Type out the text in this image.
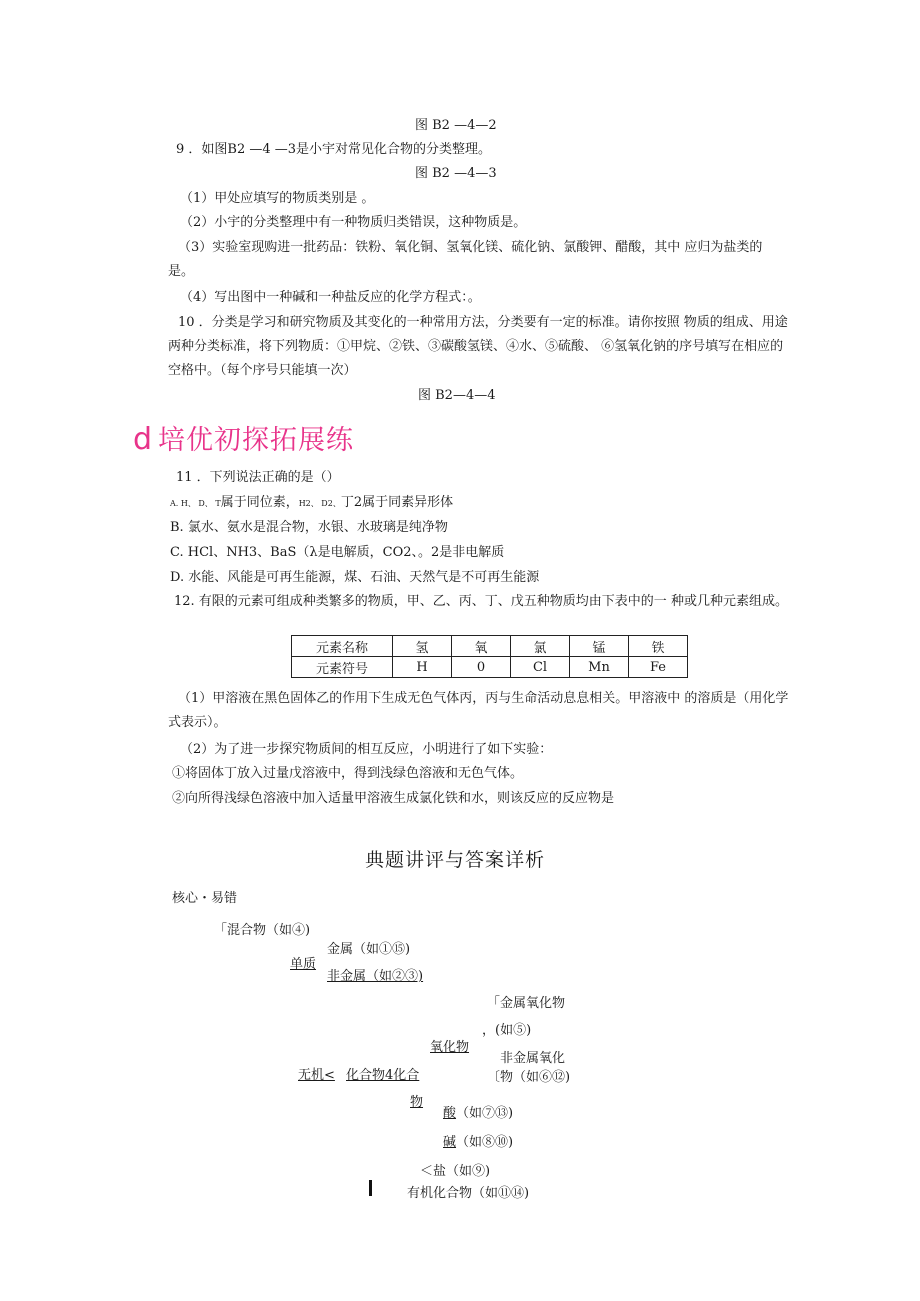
图 B2 —4—2
9 ．如图B2 —4 —3是小宇对常见化合物的分类整理。
图 B2 —4—3
（1）甲处应填写的物质类别是 。
（2）小宇的分类整理中有一种物质归类错误，这种物质是。
（3）实验室现购进一批药品：铁粉、氧化铜、氢氧化镁、硫化钠、氯酸钾、醋酸，其中 应归为盐类的是。
（4）写出图中一种碱和一种盐反应的化学方程式：。
10 ．分类是学习和研究物质及其变化的一种常用方法，分类要有一定的标准。请你按照 物质的组成、用途两种分类标准，将下列物质：①甲烷、②铁、③碳酸氢镁、④水、⑤硫酸、 ⑥氢氧化钠的序号填写在相应的空格中。（每个序号只能填一次）
图 B2—4—4
d 培优初探拓展练
11 ．下列说法正确的是（）
A. H、 D、 T属于同位素，H2、 D2、丁2属于同素异形体
B. 氯水、氨水是混合物，水银、水玻璃是纯净物
C. HCl、NH3、BaS（λ是电解质，CO2、。2是非电解质
D. 水能、风能是可再生能源，煤、石油、天然气是不可再生能源
12. 有限的元素可组成种类繁多的物质，甲、乙、丙、丁、戊五种物质均由下表中的一 种或几种元素组成。
元素名称	氢	氧	氯	锰	铁
元素符号	H	0	Cl	Mn	Fe
（1）甲溶液在黑色固体乙的作用下生成无色气体丙，丙与生命活动息息相关。甲溶液中 的溶质是（用化学式表示）。
（2）为了进一步探究物质间的相互反应，小明进行了如下实验：
①将固体丁放入过量戊溶液中，得到浅绿色溶液和无色气体。
②向所得浅绿色溶液中加入适量甲溶液生成氯化铁和水，则该反应的反应物是
典题讲评与答案详析
核心・易错
「混合物（如④)
金属（如①⑮)
单质
非金属（如②③)
「金属氧化物
，(如⑤)
氧化物
非金属氧化
〔物（如⑥⑫)
无机< 化合物4化合
物
酸（如⑦⑬)
碱（如⑧⑩)
＜盐（如⑨)
有机化合物（如⑪⑭)
